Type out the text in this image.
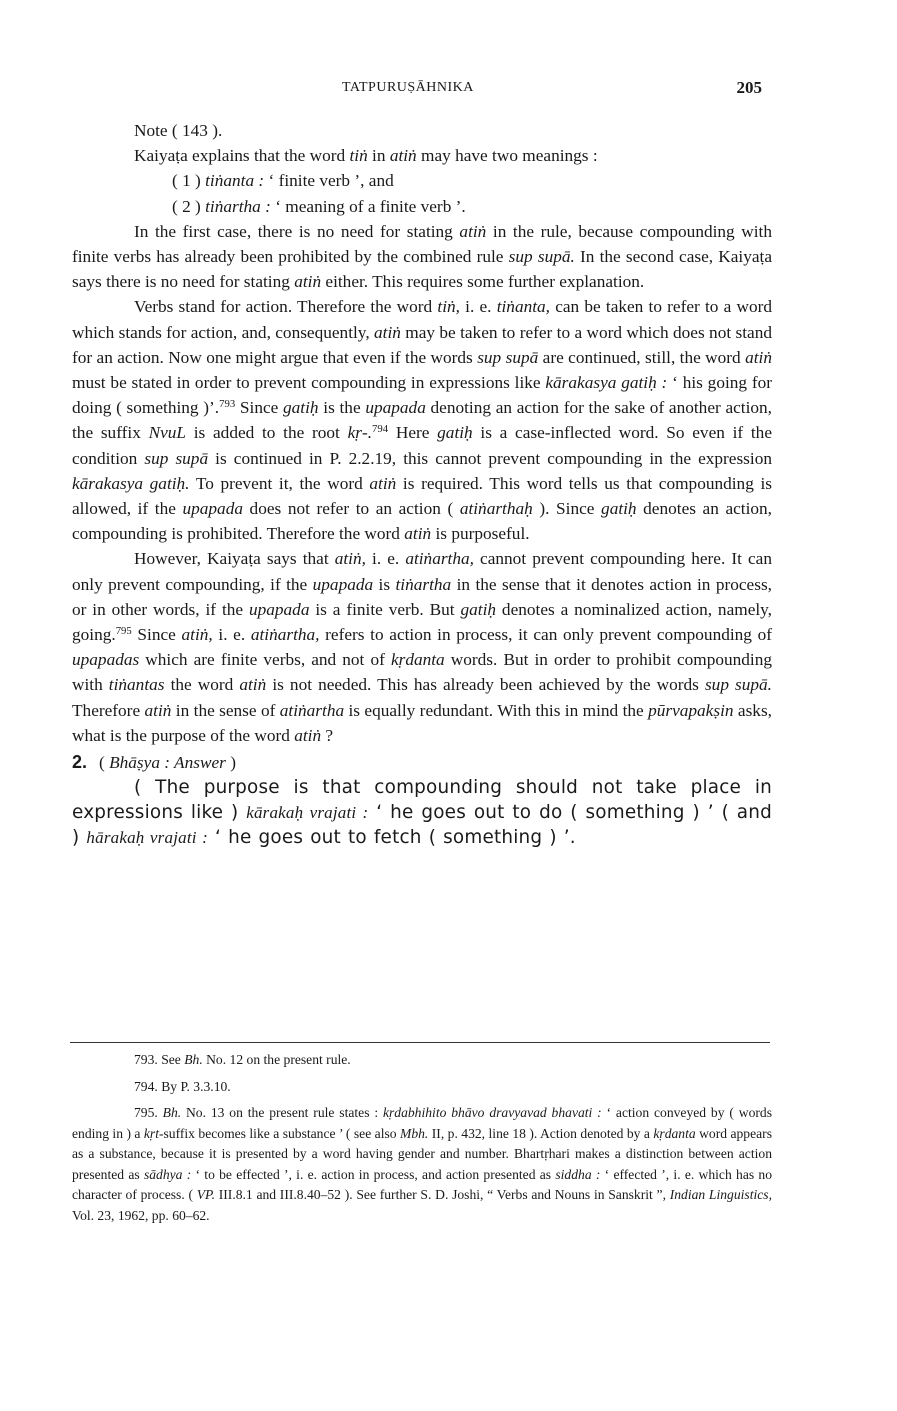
TATPURUṢĀHNIKA	205

Note ( 143 ).

Kaiyaṭa explains that the word tiṅ in atiṅ may have two meanings :

( 1 ) tiṅanta : ‘ finite verb ’, and

( 2 ) tiṅartha : ‘ meaning of a finite verb ’.

In the first case, there is no need for stating atiṅ in the rule, because compounding with finite verbs has already been prohibited by the combined rule sup supā. In the second case, Kaiyaṭa says there is no need for stating atiṅ either. This requires some further explanation.

Verbs stand for action. Therefore the word tiṅ, i. e. tiṅanta, can be taken to refer to a word which stands for action, and, consequently, atiṅ may be taken to refer to a word which does not stand for an action. Now one might argue that even if the words sup supā are continued, still, the word atiṅ must be stated in order to prevent compounding in expressions like kārakasya gatiḥ : ‘ his going for doing ( something )’.$^{793}$ Since gatiḥ is the upapada denoting an action for the sake of another action, the suffix NvuL is added to the root kṛ-.$^{794}$ Here gatiḥ is a case-inflected word. So even if the condition sup supā is continued in P. 2.2.19, this cannot prevent compounding in the expression kārakasya gatiḥ. To prevent it, the word atiṅ is required. This word tells us that compounding is allowed, if the upapada does not refer to an action ( atiṅarthaḥ ). Since gatiḥ denotes an action, compounding is prohibited. Therefore the word atiṅ is purposeful.

However, Kaiyaṭa says that atiṅ, i. e. atiṅartha, cannot prevent compounding here. It can only prevent compounding, if the upapada is tiṅartha in the sense that it denotes action in process, or in other words, if the upapada is a finite verb. But gatiḥ denotes a nominalized action, namely, going.$^{795}$ Since atiṅ, i. e. atiṅartha, refers to action in process, it can only prevent compounding of upapadas which are finite verbs, and not of kṛdanta words. But in order to prohibit compounding with tiṅantas the word atiṅ is not needed. This has already been achieved by the words sup supā. Therefore atiṅ in the sense of atiṅartha is equally redundant. With this in mind the pūrvapakṣin asks, what is the purpose of the word atiṅ ?

2. ( Bhāṣya : Answer )

( The purpose is that compounding should not take place in expressions like ) kārakaḥ vrajati : ‘ he goes out to do ( something ) ’ ( and ) hārakaḥ vrajati : ‘ he goes out to fetch ( something ) ’.

793. See Bh. No. 12 on the present rule.

794. By P. 3.3.10.

795. Bh. No. 13 on the present rule states : kṛdabhihito bhāvo dravyavad bhavati : ‘ action conveyed by ( words ending in ) a kṛt-suffix becomes like a substance ’ ( see also Mbh. II, p. 432, line 18 ). Action denoted by a kṛdanta word appears as a substance, because it is presented by a word having gender and number. Bhartṛhari makes a distinction between action presented as sādhya : ‘ to be effected ’, i. e. action in process, and action presented as siddha : ‘ effected ’, i. e. which has no character of process. ( VP. III.8.1 and III.8.40–52 ). See further S. D. Joshi, “ Verbs and Nouns in Sanskrit ”, Indian Linguistics, Vol. 23, 1962, pp. 60–62.
